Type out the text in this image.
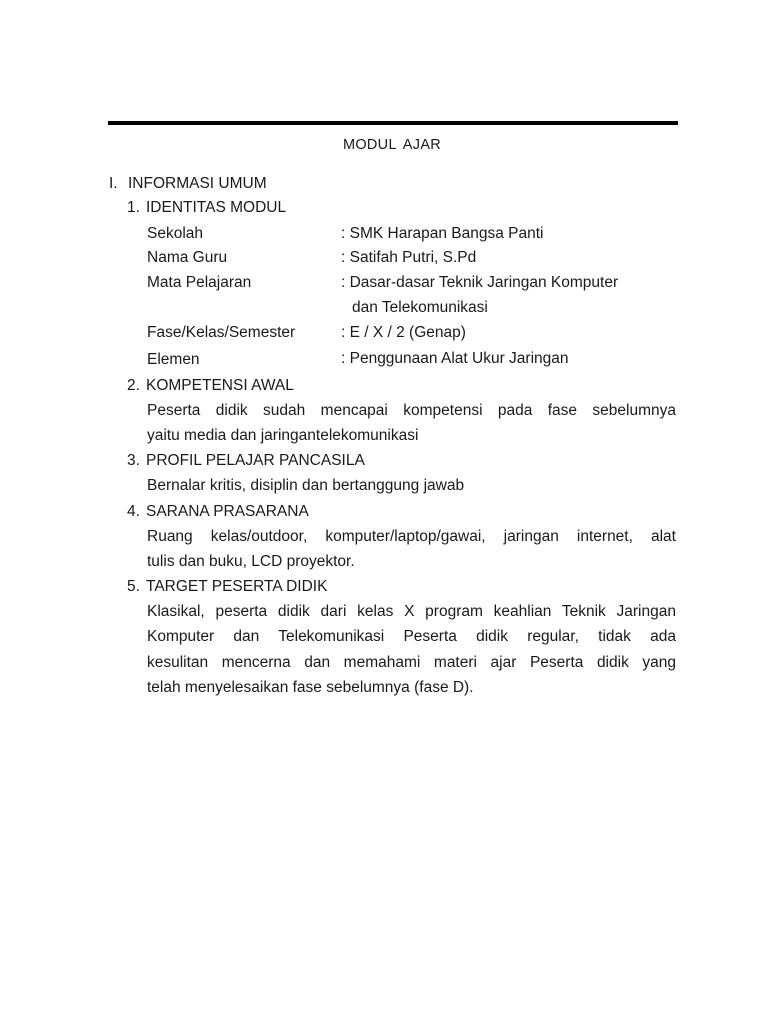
MODUL AJAR
I. INFORMASI UMUM
1. IDENTITAS MODUL
Sekolah	: SMK Harapan Bangsa Panti
Nama Guru	: Satifah Putri, S.Pd
Mata Pelajaran	: Dasar-dasar Teknik Jaringan Komputer
dan Telekomunikasi
Fase/Kelas/Semester	: E / X / 2 (Genap)
Elemen	: Penggunaan Alat Ukur Jaringan
2. KOMPETENSI AWAL
Peserta didik sudah mencapai kompetensi pada fase sebelumnya
yaitu media dan jaringantelekomunikasi
3. PROFIL PELAJAR PANCASILA
Bernalar kritis, disiplin dan bertanggung jawab
4. SARANA PRASARANA
Ruang kelas/outdoor, komputer/laptop/gawai, jaringan internet, alat
tulis dan buku, LCD proyektor.
5. TARGET PESERTA DIDIK
Klasikal, peserta didik dari kelas X program keahlian Teknik Jaringan
Komputer dan Telekomunikasi Peserta didik regular, tidak ada
kesulitan mencerna dan memahami materi ajar Peserta didik yang
telah menyelesaikan fase sebelumnya (fase D).
